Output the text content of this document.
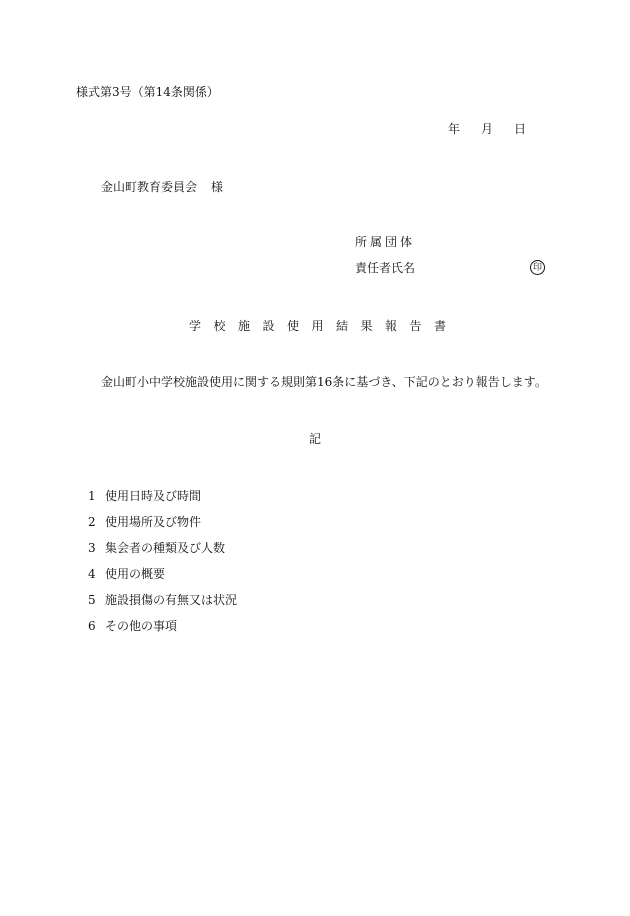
様式第3号（第14条関係）
年 月 日
金山町教育委員会 様
所属団体
責任者氏名	印
学校施設使用結果報告書
金山町小中学校施設使用に関する規則第16条に基づき、下記のとおり報告します。
記
1 使用日時及び時間
2 使用場所及び物件
3 集会者の種類及び人数
4 使用の概要
5 施設損傷の有無又は状況
6 その他の事項
